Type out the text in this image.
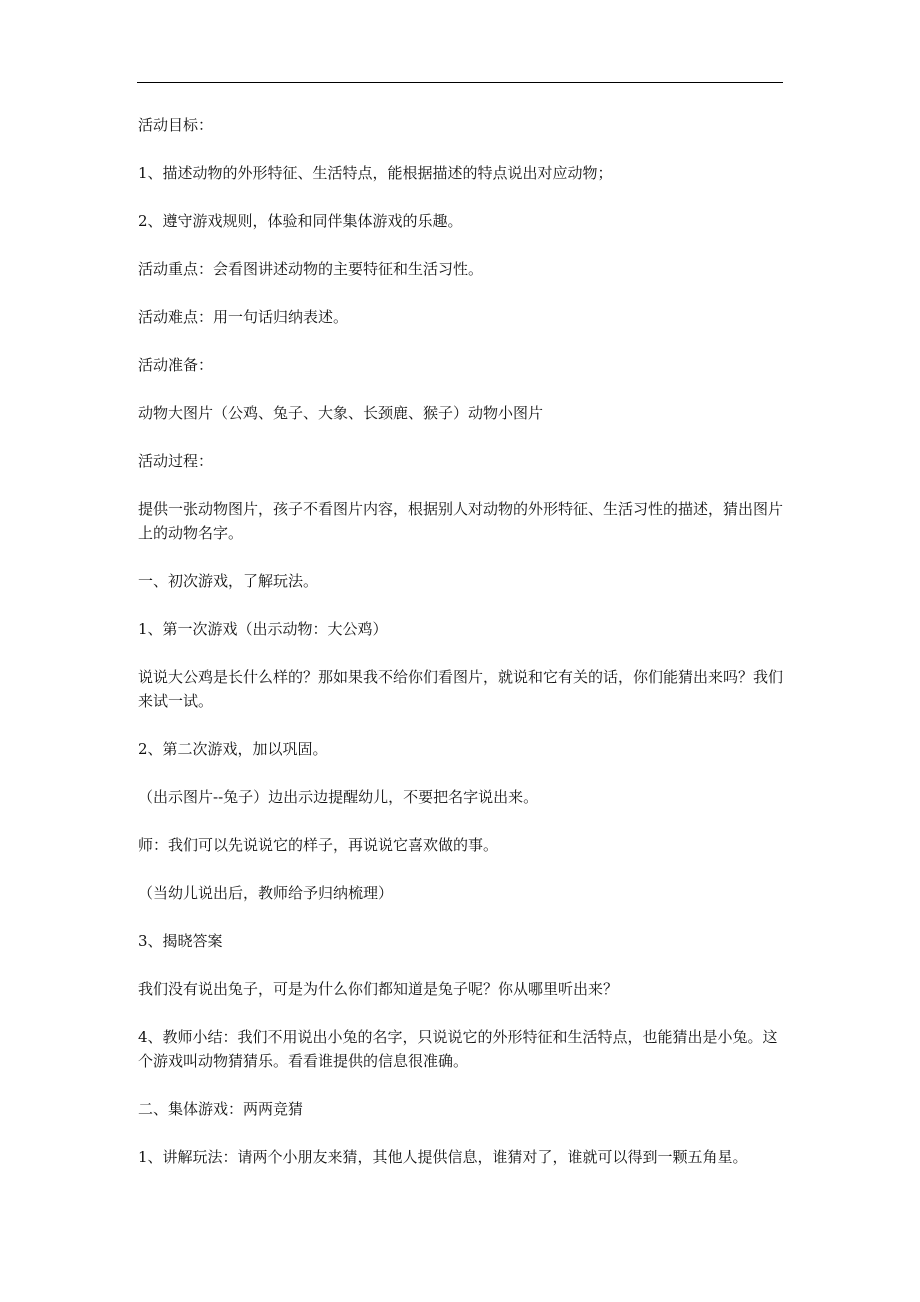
活动目标：

1、描述动物的外形特征、生活特点，能根据描述的特点说出对应动物；

2、遵守游戏规则，体验和同伴集体游戏的乐趣。

活动重点：会看图讲述动物的主要特征和生活习性。

活动难点：用一句话归纳表述。

活动准备：

动物大图片（公鸡、兔子、大象、长颈鹿、猴子）动物小图片

活动过程：

提供一张动物图片，孩子不看图片内容，根据别人对动物的外形特征、生活习性的描述，猜出图片上的动物名字。

一、初次游戏，了解玩法。

1、第一次游戏（出示动物：大公鸡）

说说大公鸡是长什么样的？那如果我不给你们看图片，就说和它有关的话，你们能猜出来吗？我们来试一试。

2、第二次游戏，加以巩固。

（出示图片--兔子）边出示边提醒幼儿，不要把名字说出来。

师：我们可以先说说它的样子，再说说它喜欢做的事。

（当幼儿说出后，教师给予归纳梳理）

3、揭晓答案

我们没有说出兔子，可是为什么你们都知道是兔子呢？你从哪里听出来？

4、教师小结：我们不用说出小兔的名字，只说说它的外形特征和生活特点，也能猜出是小兔。这个游戏叫动物猜猜乐。看看谁提供的信息很准确。

二、集体游戏：两两竞猜

1、讲解玩法：请两个小朋友来猜，其他人提供信息，谁猜对了，谁就可以得到一颗五角星。
